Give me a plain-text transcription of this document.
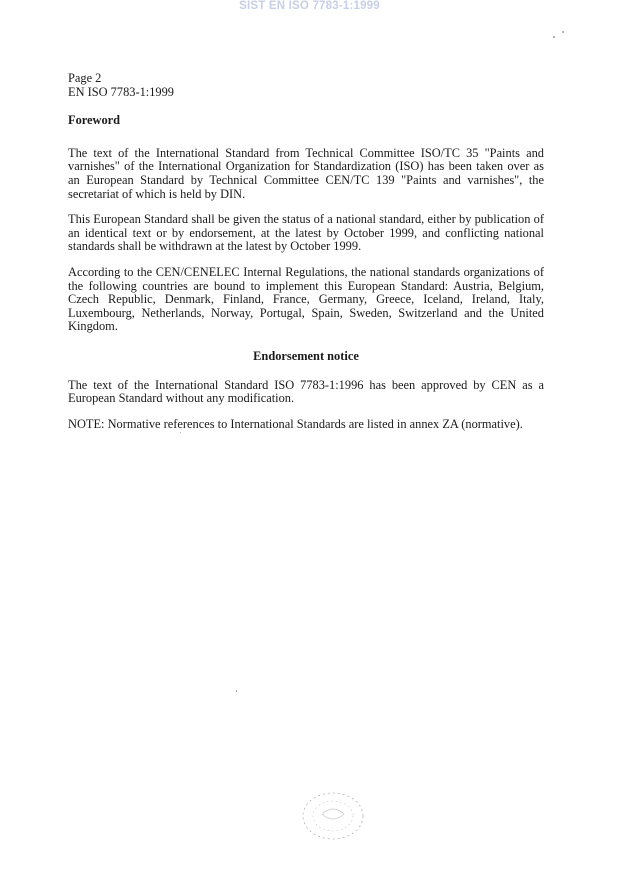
SIST EN ISO 7783-1:1999

Page 2

EN ISO 7783-1:1999

Foreword

The text of the International Standard from Technical Committee ISO/TC 35 "Paints and varnishes" of the International Organization for Standardization (ISO) has been taken over as an European Standard by Technical Committee CEN/TC 139 "Paints and varnishes", the secretariat of which is held by DIN.

This European Standard shall be given the status of a national standard, either by publication of an identical text or by endorsement, at the latest by October 1999, and conflicting national standards shall be withdrawn at the latest by October 1999.

According to the CEN/CENELEC Internal Regulations, the national standards organizations of the following countries are bound to implement this European Standard: Austria, Belgium, Czech Republic, Denmark, Finland, France, Germany, Greece, Iceland, Ireland, Italy, Luxembourg, Netherlands, Norway, Portugal, Spain, Sweden, Switzerland and the United Kingdom.

Endorsement notice

The text of the International Standard ISO 7783-1:1996 has been approved by CEN as a European Standard without any modification.

NOTE: Normative references to International Standards are listed in annex ZA (normative).
